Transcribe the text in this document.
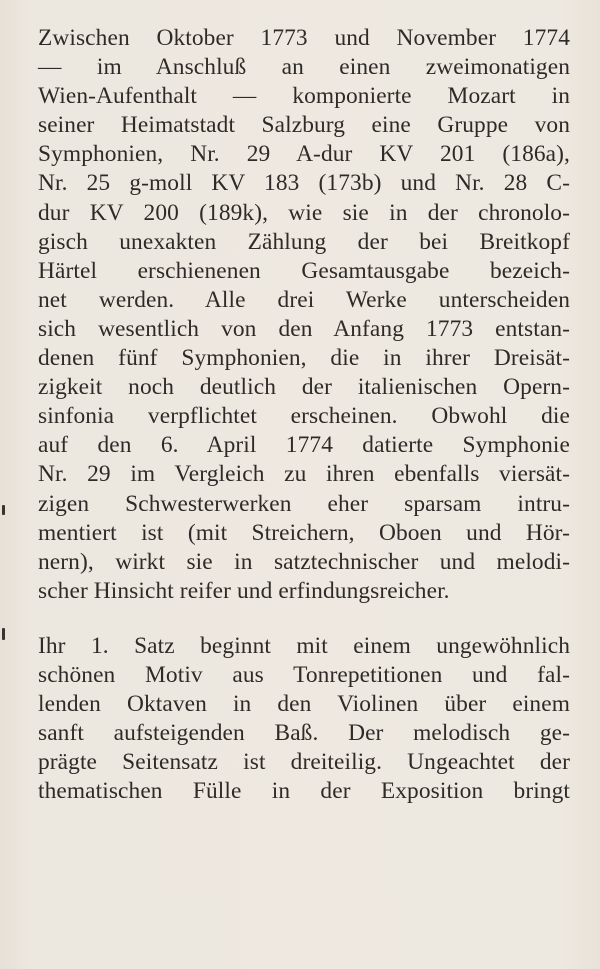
Zwischen Oktober 1773 und November 1774
— im Anschluß an einen zweimonatigen
Wien-Aufenthalt — komponierte Mozart in
seiner Heimatstadt Salzburg eine Gruppe von
Symphonien, Nr. 29 A-dur KV 201 (186a),
Nr. 25 g-moll KV 183 (173b) und Nr. 28 C-
dur KV 200 (189k), wie sie in der chronolo-
gisch unexakten Zählung der bei Breitkopf
Härtel erschienenen Gesamtausgabe bezeich-
net werden. Alle drei Werke unterscheiden
sich wesentlich von den Anfang 1773 entstan-
denen fünf Symphonien, die in ihrer Dreisät-
zigkeit noch deutlich der italienischen Opern-
sinfonia verpflichtet erscheinen. Obwohl die
auf den 6. April 1774 datierte Symphonie
Nr. 29 im Vergleich zu ihren ebenfalls viersät-
zigen Schwesterwerken eher sparsam intru-
mentiert ist (mit Streichern, Oboen und Hör-
nern), wirkt sie in satztechnischer und melodi-
scher Hinsicht reifer und erfindungsreicher.
Ihr 1. Satz beginnt mit einem ungewöhnlich
schönen Motiv aus Tonrepetitionen und fal-
lenden Oktaven in den Violinen über einem
sanft aufsteigenden Baß. Der melodisch ge-
prägte Seitensatz ist dreiteilig. Ungeachtet der
thematischen Fülle in der Exposition bringt
